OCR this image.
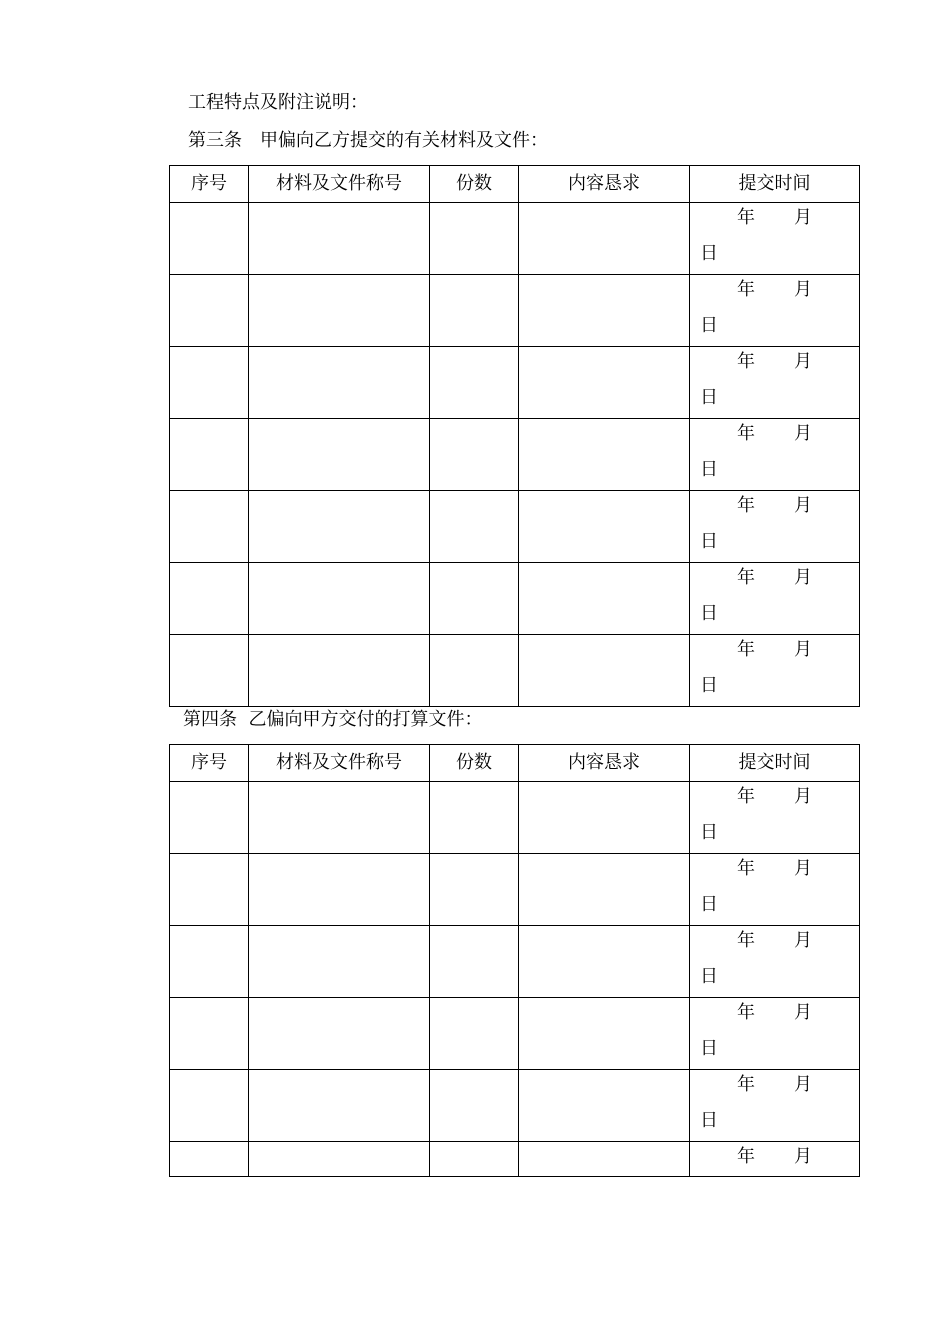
工程特点及附注说明：
第三条　甲偏向乙方提交的有关材料及文件：
序号	材料及文件称号	份数	内容恳求	提交时间

				年 月
日

				年 月
日

				年 月
日

				年 月
日

				年 月
日

				年 月
日

				年 月
日
第四条  乙偏向甲方交付的打算文件：
序号	材料及文件称号	份数	内容恳求	提交时间

				年 月
日

				年 月
日

				年 月
日

				年 月
日

				年 月
日

				年 月
